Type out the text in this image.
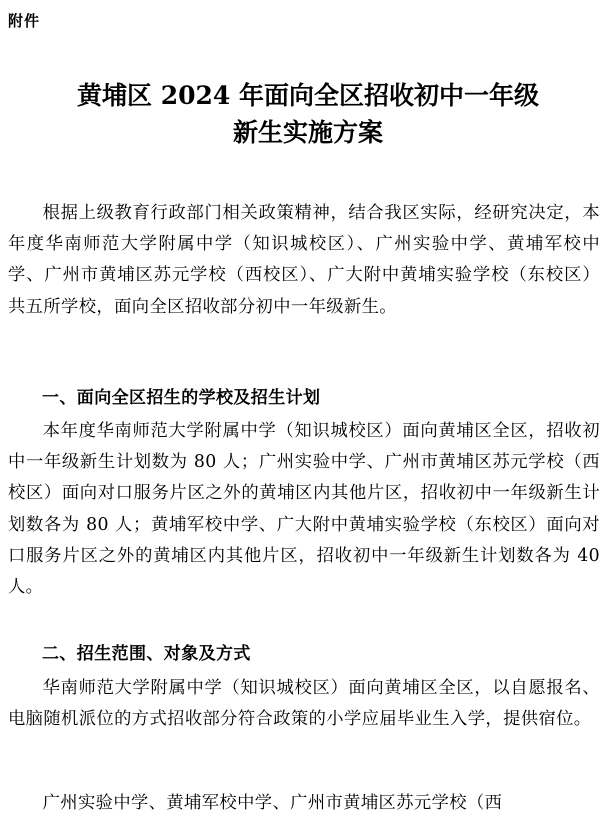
附件
黄埔区 2024 年面向全区招收初中一年级
新生实施方案

根据上级教育行政部门相关政策精神，结合我区实际，经研究决定，本年度华南师范大学附属中学（知识城校区）、广州实验中学、黄埔军校中学、广州市黄埔区苏元学校（西校区）、广大附中黄埔实验学校（东校区）共五所学校，面向全区招收部分初中一年级新生。

一、面向全区招生的学校及招生计划

本年度华南师范大学附属中学（知识城校区）面向黄埔区全区，招收初中一年级新生计划数为 80 人；广州实验中学、广州市黄埔区苏元学校（西校区）面向对口服务片区之外的黄埔区内其他片区，招收初中一年级新生计划数各为 80 人；黄埔军校中学、广大附中黄埔实验学校（东校区）面向对口服务片区之外的黄埔区内其他片区，招收初中一年级新生计划数各为 40 人。

二、招生范围、对象及方式

华南师范大学附属中学（知识城校区）面向黄埔区全区，以自愿报名、电脑随机派位的方式招收部分符合政策的小学应届毕业生入学，提供宿位。

广州实验中学、黄埔军校中学、广州市黄埔区苏元学校（西
